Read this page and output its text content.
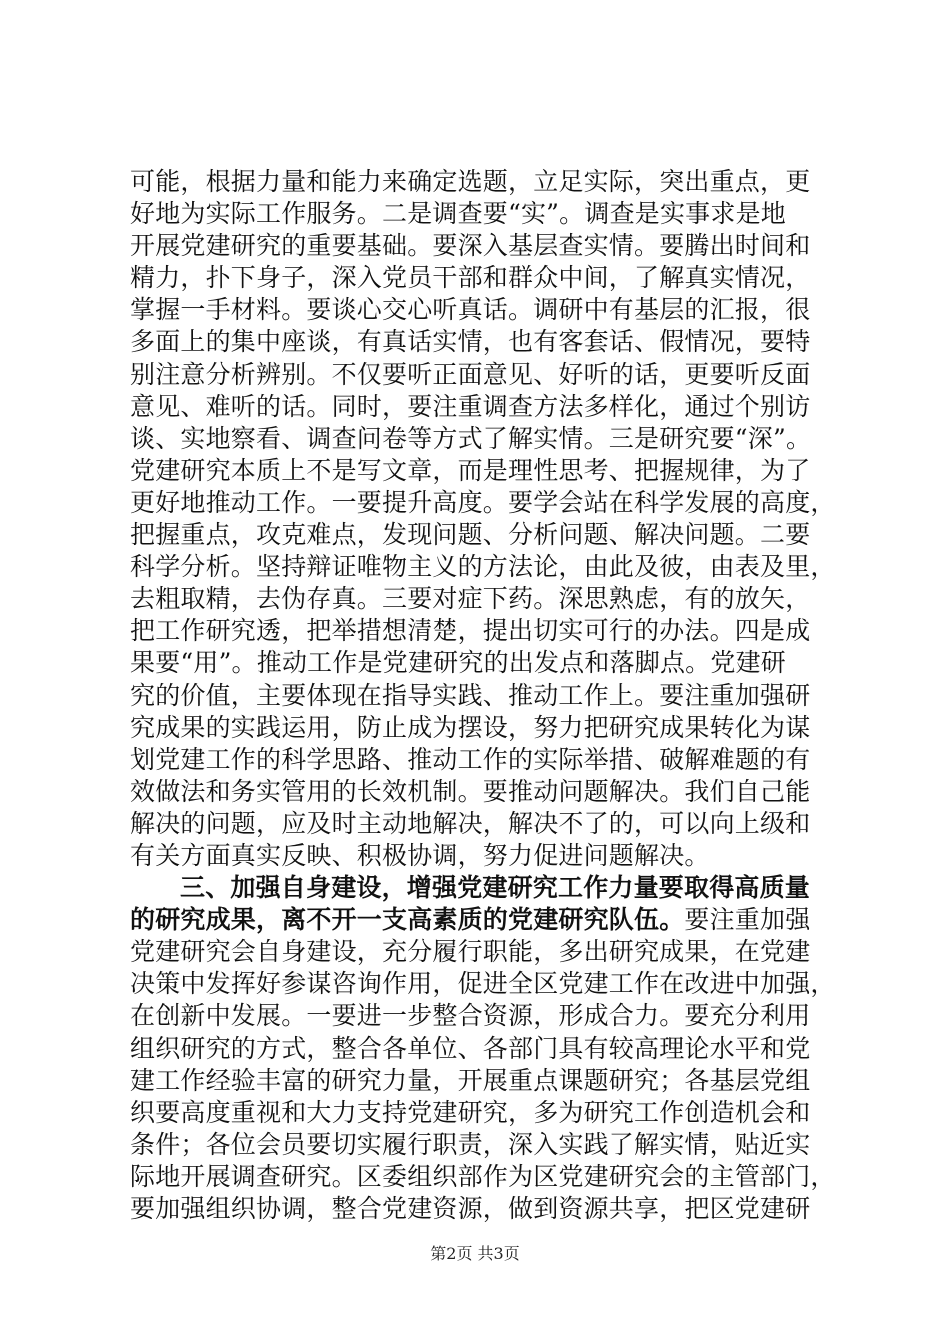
可能，根据力量和能力来确定选题，立足实际，突出重点，更
好地为实际工作服务。二是调查要“实”。调查是实事求是地
开展党建研究的重要基础。要深入基层查实情。要腾出时间和
精力，扑下身子，深入党员干部和群众中间，了解真实情况，
掌握一手材料。要谈心交心听真话。调研中有基层的汇报，很
多面上的集中座谈，有真话实情，也有客套话、假情况，要特
别注意分析辨别。不仅要听正面意见、好听的话，更要听反面
意见、难听的话。同时，要注重调查方法多样化，通过个别访
谈、实地察看、调查问卷等方式了解实情。三是研究要“深”。
党建研究本质上不是写文章，而是理性思考、把握规律，为了
更好地推动工作。一要提升高度。要学会站在科学发展的高度，
把握重点，攻克难点，发现问题、分析问题、解决问题。二要
科学分析。坚持辩证唯物主义的方法论，由此及彼，由表及里，
去粗取精，去伪存真。三要对症下药。深思熟虑，有的放矢，
把工作研究透，把举措想清楚，提出切实可行的办法。四是成
果要“用”。推动工作是党建研究的出发点和落脚点。党建研
究的价值，主要体现在指导实践、推动工作上。要注重加强研
究成果的实践运用，防止成为摆设，努力把研究成果转化为谋
划党建工作的科学思路、推动工作的实际举措、破解难题的有
效做法和务实管用的长效机制。要推动问题解决。我们自己能
解决的问题，应及时主动地解决，解决不了的，可以向上级和
有关方面真实反映、积极协调，努力促进问题解决。
三、加强自身建设，增强党建研究工作力量要取得高质量
的研究成果，离不开一支高素质的党建研究队伍。要注重加强
党建研究会自身建设，充分履行职能，多出研究成果，在党建
决策中发挥好参谋咨询作用，促进全区党建工作在改进中加强，
在创新中发展。一要进一步整合资源，形成合力。要充分利用
组织研究的方式，整合各单位、各部门具有较高理论水平和党
建工作经验丰富的研究力量，开展重点课题研究；各基层党组
织要高度重视和大力支持党建研究，多为研究工作创造机会和
条件；各位会员要切实履行职责，深入实践了解实情，贴近实
际地开展调查研究。区委组织部作为区党建研究会的主管部门，
要加强组织协调，整合党建资源，做到资源共享，把区党建研
第2页 共3页
